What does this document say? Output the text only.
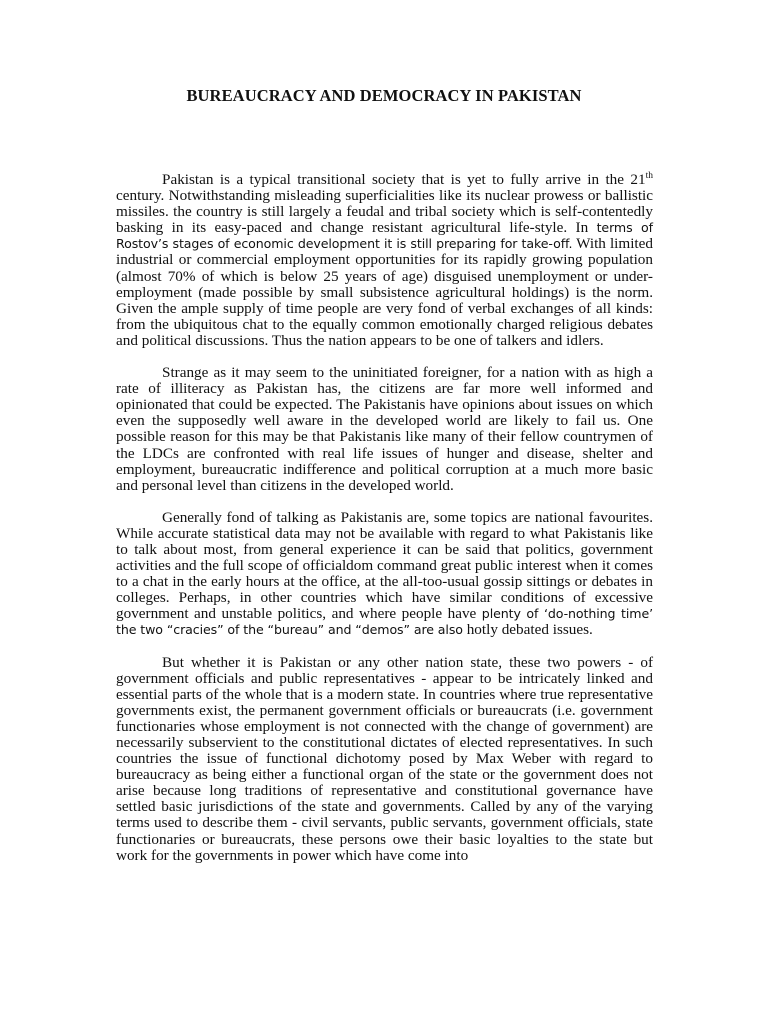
BUREAUCRACY AND DEMOCRACY IN PAKISTAN

Pakistan is a typical transitional society that is yet to fully arrive in the 21th century. Notwithstanding misleading superficialities like its nuclear prowess or ballistic missiles. the country is still largely a feudal and tribal society which is self-contentedly basking in its easy-paced and change resistant agricultural life-style. In terms of Rostov’s stages of economic development it is still preparing for take-off. With limited industrial or commercial employment opportunities for its rapidly growing population (almost 70% of which is below 25 years of age) disguised unemployment or under-employment (made possible by small subsistence agricultural holdings) is the norm. Given the ample supply of time people are very fond of verbal exchanges of all kinds: from the ubiquitous chat to the equally common emotionally charged religious debates and political discussions. Thus the nation appears to be one of talkers and idlers.

Strange as it may seem to the uninitiated foreigner, for a nation with as high a rate of illiteracy as Pakistan has, the citizens are far more well informed and opinionated that could be expected. The Pakistanis have opinions about issues on which even the supposedly well aware in the developed world are likely to fail us. One possible reason for this may be that Pakistanis like many of their fellow countrymen of the LDCs are confronted with real life issues of hunger and disease, shelter and employment, bureaucratic indifference and political corruption at a much more basic and personal level than citizens in the developed world.

Generally fond of talking as Pakistanis are, some topics are national favourites. While accurate statistical data may not be available with regard to what Pakistanis like to talk about most, from general experience it can be said that politics, government activities and the full scope of officialdom command great public interest when it comes to a chat in the early hours at the office, at the all-too-usual gossip sittings or debates in colleges. Perhaps, in other countries which have similar conditions of excessive government and unstable politics, and where people have plenty of ‘do-nothing time’ the two “cracies” of the “bureau” and “demos” are also hotly debated issues.

But whether it is Pakistan or any other nation state, these two powers - of government officials and public representatives - appear to be intricately linked and essential parts of the whole that is a modern state. In countries where true representative governments exist, the permanent government officials or bureaucrats (i.e. government functionaries whose employment is not connected with the change of government) are necessarily subservient to the constitutional dictates of elected representatives. In such countries the issue of functional dichotomy posed by Max Weber with regard to bureaucracy as being either a functional organ of the state or the government does not arise because long traditions of representative and constitutional governance have settled basic jurisdictions of the state and governments. Called by any of the varying terms used to describe them - civil servants, public servants, government officials, state functionaries or bureaucrats, these persons owe their basic loyalties to the state but work for the governments in power which have come into
